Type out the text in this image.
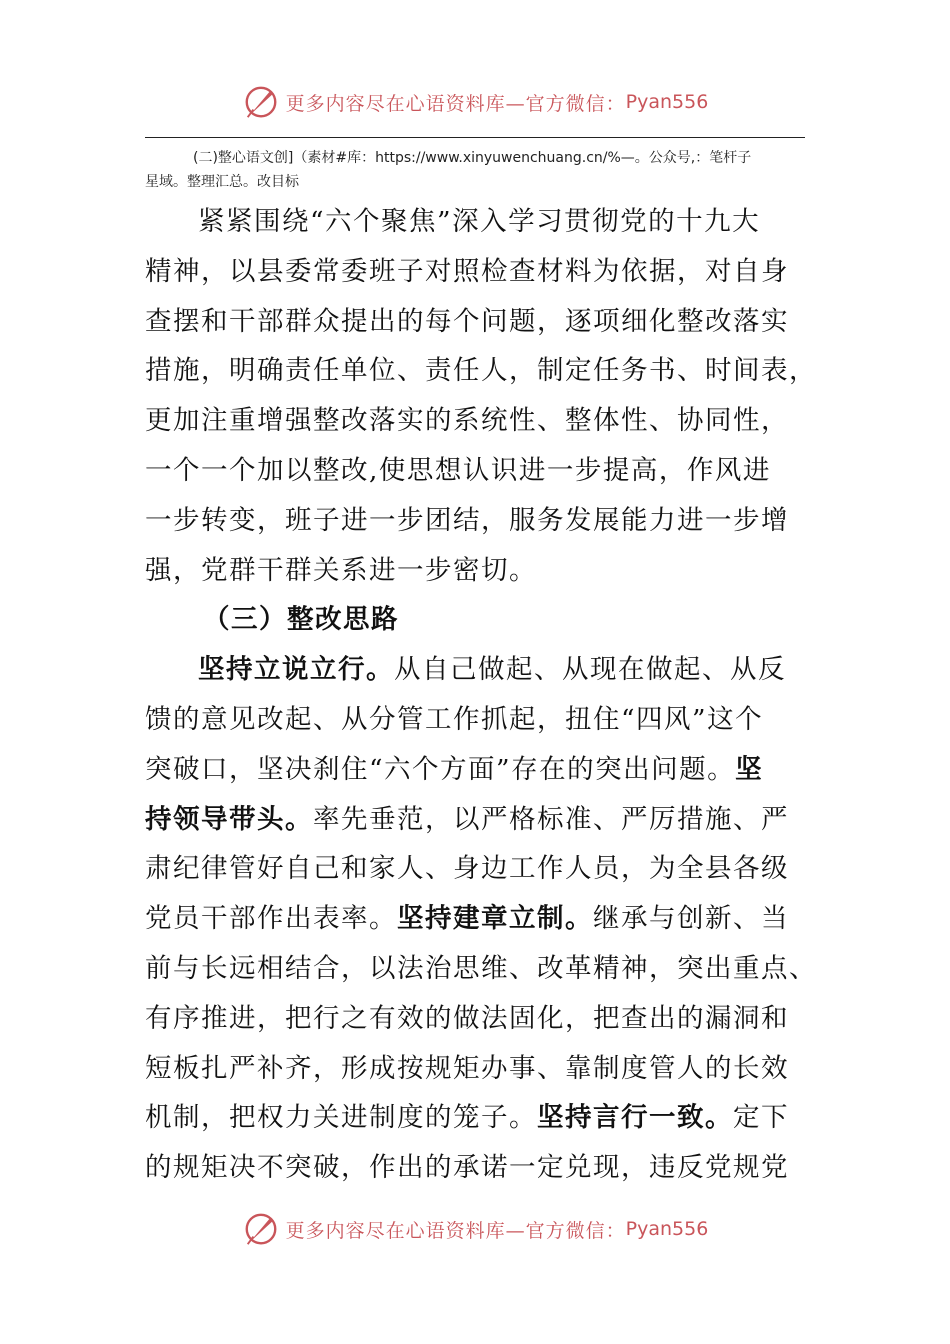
更多内容尽在心语资料库—官方微信： Pyan556
(二)整心语文创]（素材#库：https://www.xinyuwenchuang.cn/%—。公众号,：笔杆子
星域。整理汇总。改目标
紧紧围绕“六个聚焦”深入学习贯彻党的十九大
精神，以县委常委班子对照检查材料为依据，对自身
查摆和干部群众提出的每个问题，逐项细化整改落实
措施，明确责任单位、责任人，制定任务书、时间表，
更加注重增强整改落实的系统性、整体性、协同性，
一个一个加以整改,使思想认识进一步提高，作风进
一步转变，班子进一步团结，服务发展能力进一步增
强，党群干群关系进一步密切。
（三）整改思路
坚持立说立行。从自己做起、从现在做起、从反
馈的意见改起、从分管工作抓起，扭住“四风”这个
突破口，坚决刹住“六个方面”存在的突出问题。坚
持领导带头。率先垂范，以严格标准、严厉措施、严
肃纪律管好自己和家人、身边工作人员，为全县各级
党员干部作出表率。坚持建章立制。继承与创新、当
前与长远相结合，以法治思维、改革精神，突出重点、
有序推进，把行之有效的做法固化，把查出的漏洞和
短板扎严补齐，形成按规矩办事、靠制度管人的长效
机制，把权力关进制度的笼子。坚持言行一致。定下
的规矩决不突破，作出的承诺一定兑现，违反党规党
更多内容尽在心语资料库—官方微信： Pyan556
